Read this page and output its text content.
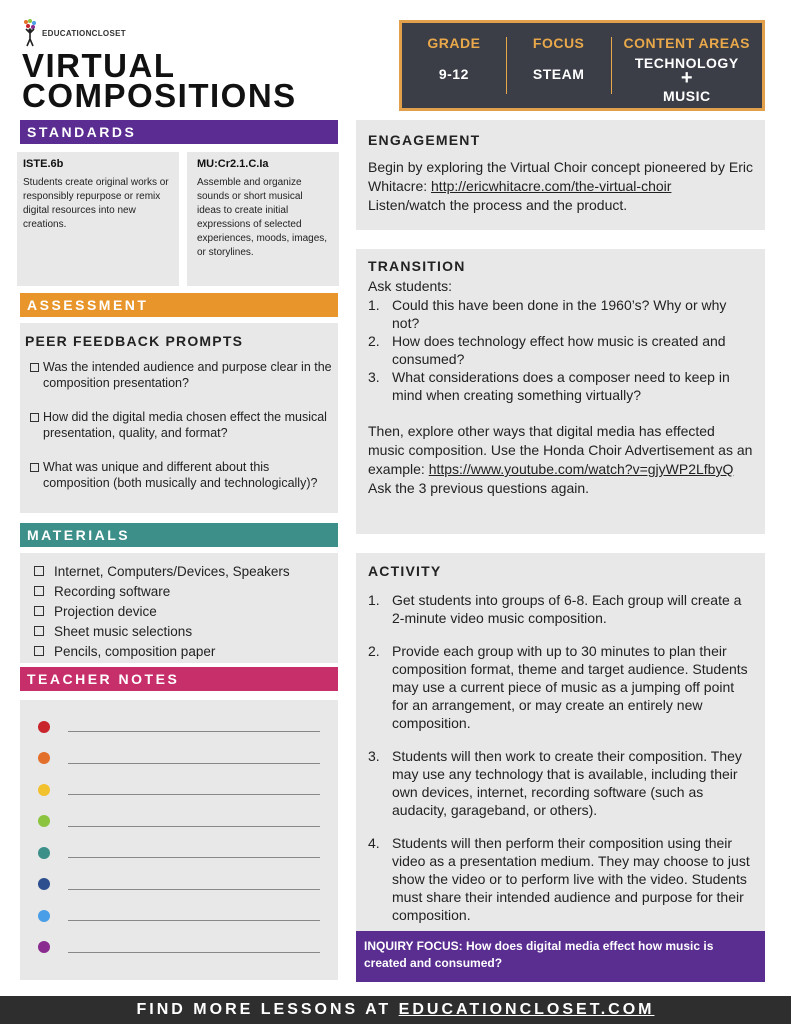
EDUCATIONCLOSET
VIRTUAL
COMPOSITIONS
GRADE
9-12
FOCUS
STEAM
CONTENT AREAS
TECHNOLOGY
+
MUSIC
STANDARDS
ISTE.6b
Students create original works or responsibly repurpose or remix digital resources into new creations.
MU:Cr2.1.C.Ia
Assemble and organize sounds or short musical ideas to create initial expressions of selected experiences, moods, images, or storylines.
ASSESSMENT
PEER FEEDBACK PROMPTS
Was the intended audience and purpose clear in the composition presentation?
How did the digital media chosen effect the musical presentation, quality, and format?
What was unique and different about this composition (both musically and technologically)?
MATERIALS
Internet, Computers/Devices, Speakers
Recording software
Projection device
Sheet music selections
Pencils, composition paper
TEACHER NOTES
ENGAGEMENT
Begin by exploring the Virtual Choir concept pioneered by Eric Whitacre: http://ericwhitacre.com/the-virtual-choir Listen/watch the process and the product.
TRANSITION
Ask students:
1. Could this have been done in the 1960’s? Why or why not?
2. How does technology effect how music is created and consumed?
3. What considerations does a composer need to keep in mind when creating something virtually?
Then, explore other ways that digital media has effected music composition. Use the Honda Choir Advertisement as an example: https://www.youtube.com/watch?v=gjyWP2LfbyQ   Ask the 3 previous questions again.
ACTIVITY
1. Get students into groups of 6-8. Each group will create a 2-minute video music composition.
2. Provide each group with up to 30 minutes to plan their composition format, theme and target audience. Students may use a current piece of music as a jumping off point for an arrangement, or may create an entirely new composition.
3. Students will then work to create their composition. They may use any technology that is available, including their own devices, internet, recording software (such as audacity, garageband, or others).
4. Students will then perform their composition using their video as a presentation medium. They may choose to just show the video or to perform live with the video. Students must share their intended audience and purpose for their composition.
INQUIRY FOCUS: How does digital media effect how music is created and consumed?
FIND MORE LESSONS AT EDUCATIONCLOSET.COM
